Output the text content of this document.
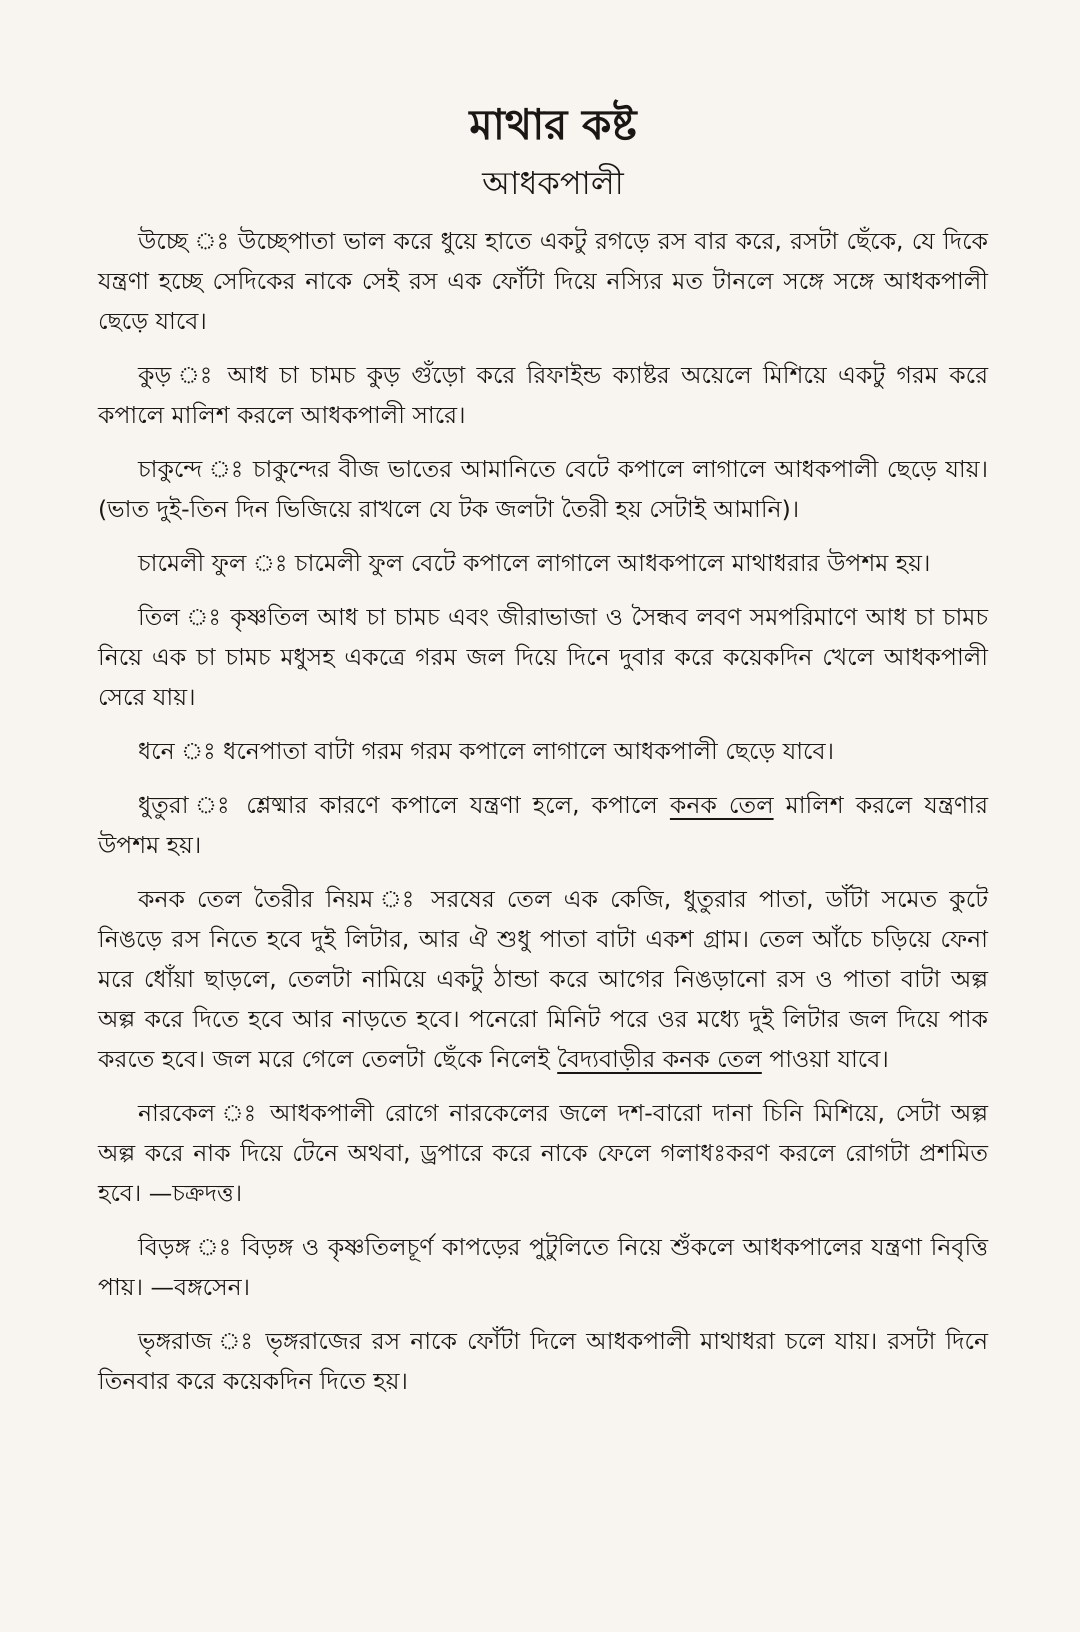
মাথার কষ্ট
আধকপালী

উচ্ছে ঃ উচ্ছেপাতা ভাল করে ধুয়ে হাতে একটু রগড়ে রস বার করে, রসটা ছেঁকে, যে দিকে যন্ত্রণা হচ্ছে সেদিকের নাকে সেই রস এক ফোঁটা দিয়ে নস্যির মত টানলে সঙ্গে সঙ্গে আধকপালী ছেড়ে যাবে।

কুড় ঃ আধ চা চামচ কুড় গুঁড়ো করে রিফাইন্ড ক্যাষ্টর অয়েলে মিশিয়ে একটু গরম করে কপালে মালিশ করলে আধকপালী সারে।

চাকুন্দে ঃ চাকুন্দের বীজ ভাতের আমানিতে বেটে কপালে লাগালে আধকপালী ছেড়ে যায়। (ভাত দুই-তিন দিন ভিজিয়ে রাখলে যে টক জলটা তৈরী হয় সেটাই আমানি)।

চামেলী ফুল ঃ চামেলী ফুল বেটে কপালে লাগালে আধকপালে মাথাধরার উপশম হয়।

তিল ঃ কৃষ্ণতিল আধ চা চামচ এবং জীরাভাজা ও সৈন্ধব লবণ সমপরিমাণে আধ চা চামচ নিয়ে এক চা চামচ মধুসহ একত্রে গরম জল দিয়ে দিনে দুবার করে কয়েকদিন খেলে আধকপালী সেরে যায়।

ধনে ঃ ধনেপাতা বাটা গরম গরম কপালে লাগালে আধকপালী ছেড়ে যাবে।

ধুতুরা ঃ শ্লেষ্মার কারণে কপালে যন্ত্রণা হলে, কপালে কনক তেল মালিশ করলে যন্ত্রণার উপশম হয়।

কনক তেল তৈরীর নিয়ম ঃ সরষের তেল এক কেজি, ধুতুরার পাতা, ডাঁটা সমেত কুটে নিঙড়ে রস নিতে হবে দুই লিটার, আর ঐ শুধু পাতা বাটা একশ গ্রাম। তেল আঁচে চড়িয়ে ফেনা মরে ধোঁয়া ছাড়লে, তেলটা নামিয়ে একটু ঠান্ডা করে আগের নিঙড়ানো রস ও পাতা বাটা অল্প অল্প করে দিতে হবে আর নাড়তে হবে। পনেরো মিনিট পরে ওর মধ্যে দুই লিটার জল দিয়ে পাক করতে হবে। জল মরে গেলে তেলটা ছেঁকে নিলেই বৈদ্যবাড়ীর কনক তেল পাওয়া যাবে।

নারকেল ঃ আধকপালী রোগে নারকেলের জলে দশ-বারো দানা চিনি মিশিয়ে, সেটা অল্প অল্প করে নাক দিয়ে টেনে অথবা, ড্রপারে করে নাকে ফেলে গলাধঃকরণ করলে রোগটা প্রশমিত হবে। —চক্রদত্ত।

বিড়ঙ্গ ঃ বিড়ঙ্গ ও কৃষ্ণতিলচূর্ণ কাপড়ের পুটুলিতে নিয়ে শুঁকলে আধকপালের যন্ত্রণা নিবৃত্তি পায়। —বঙ্গসেন।

ভৃঙ্গরাজ ঃ ভৃঙ্গরাজের রস নাকে ফোঁটা দিলে আধকপালী মাথাধরা চলে যায়। রসটা দিনে তিনবার করে কয়েকদিন দিতে হয়।
